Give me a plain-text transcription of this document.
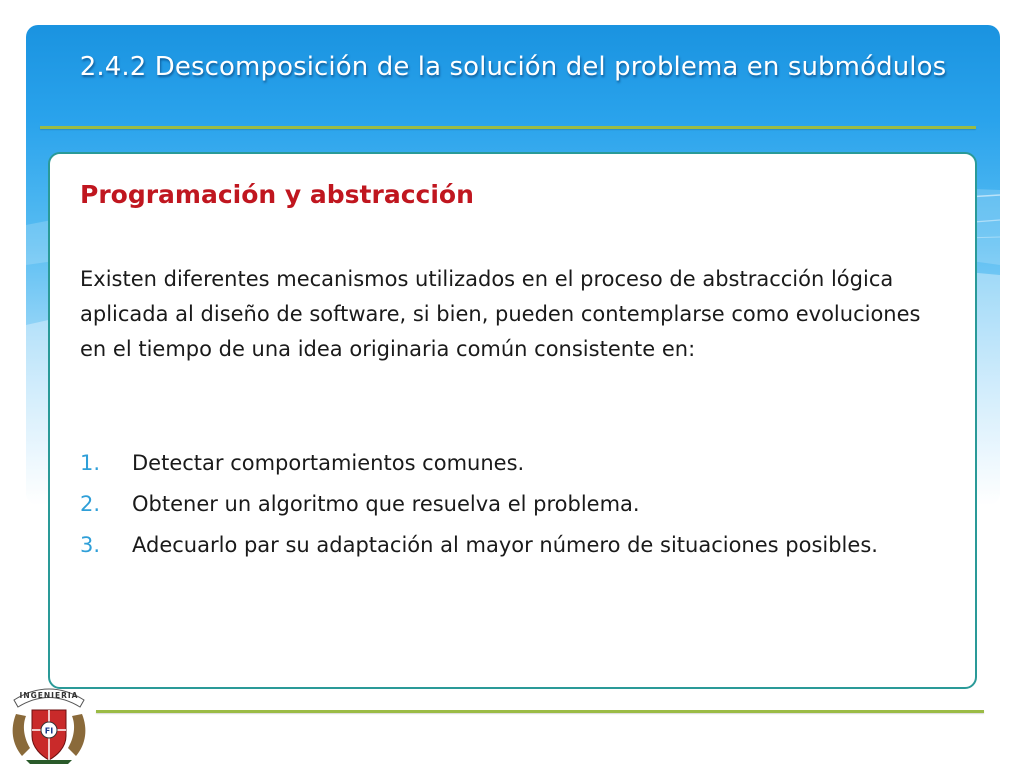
2.4.2 Descomposición de la solución del problema en submódulos
Programación y abstracción
Existen diferentes mecanismos utilizados en el proceso de abstracción lógica aplicada al diseño de software, si bien, pueden contemplarse como evoluciones en el tiempo de una idea originaria común consistente en:
1. Detectar comportamientos comunes.
2. Obtener un algoritmo que resuelva el problema.
3. Adecuarlo par su adaptación al mayor número de situaciones posibles.
INGENIERIA
FI
